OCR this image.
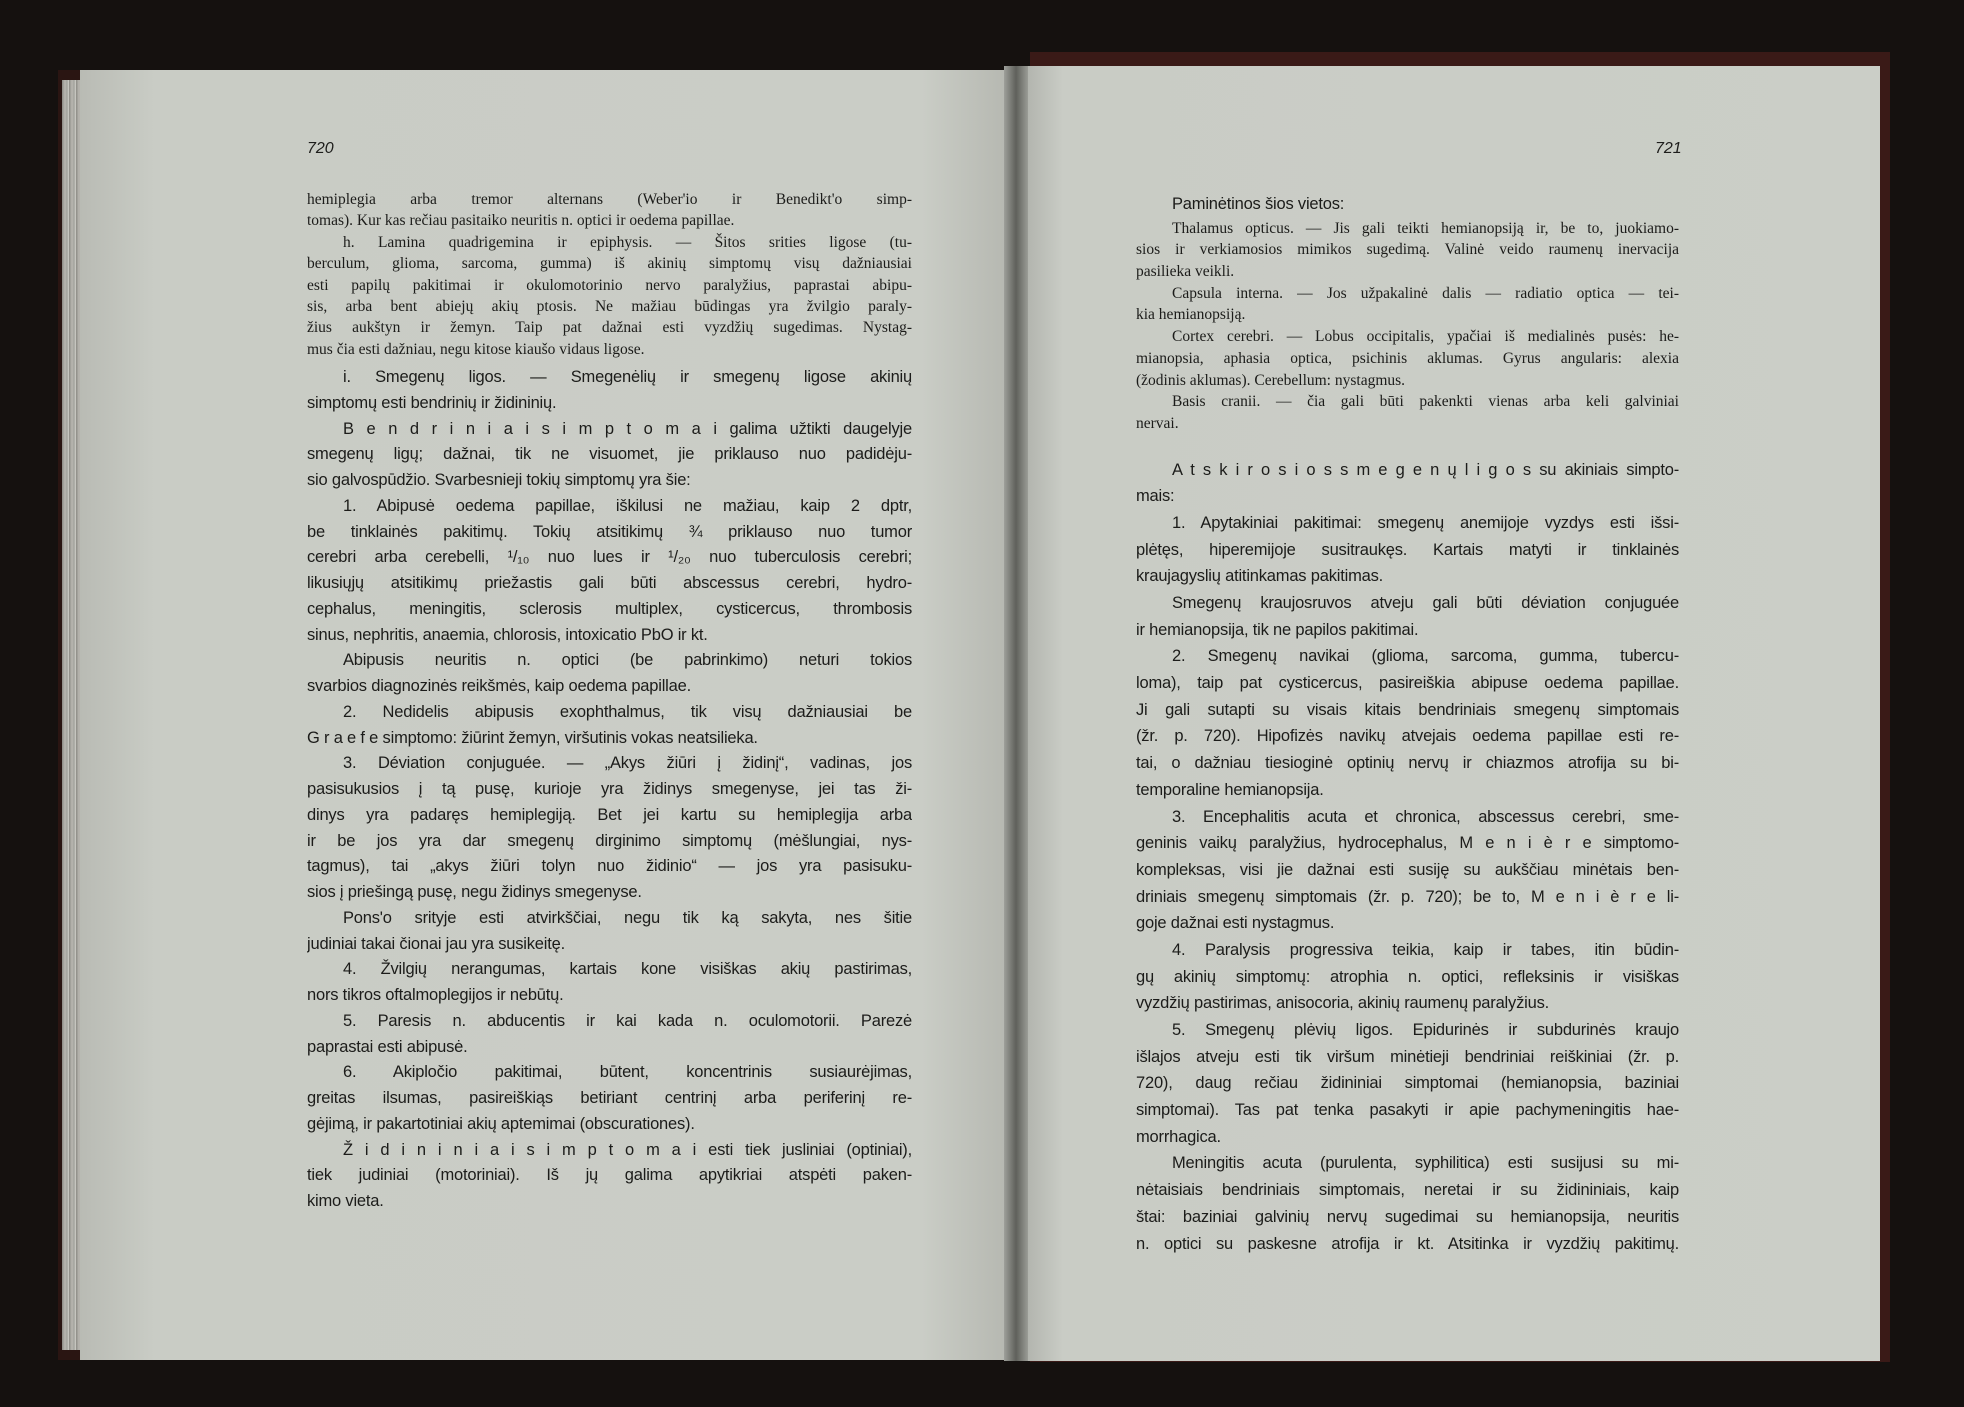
720	721
hemiplegia arba tremor alternans (Weber'io ir Benedikt'o simp-
tomas). Kur kas rečiau pasitaiko neuritis n. optici ir oedema papillae.
h. Lamina quadrigemina ir epiphysis. — Šitos srities ligose (tu-
berculum, glioma, sarcoma, gumma) iš akinių simptomų visų dažniausiai
esti papilų pakitimai ir okulomotorinio nervo paralyžius, paprastai abipu-
sis, arba bent abiejų akių ptosis. Ne mažiau būdingas yra žvilgio paraly-
žius aukštyn ir žemyn. Taip pat dažnai esti vyzdžių sugedimas. Nystag-
mus čia esti dažniau, negu kitose kiaušo vidaus ligose.
i. Smegenų ligos. — Smegenėlių ir smegenų ligose akinių
simptomų esti bendrinių ir židininių.
B e n d r i n i a i s i m p t o m a i galima užtikti daugelyje
smegenų ligų; dažnai, tik ne visuomet, jie priklauso nuo padidėju-
sio galvospūdžio. Svarbesnieji tokių simptomų yra šie:
1. Abipusė oedema papillae, iškilusi ne mažiau, kaip 2 dptr,
be tinklainės pakitimų. Tokių atsitikimų ¾ priklauso nuo tumor
cerebri arba cerebelli, ¹/₁₀ nuo lues ir ¹/₂₀ nuo tuberculosis cerebri;
likusiųjų atsitikimų priežastis gali būti abscessus cerebri, hydro-
cephalus, meningitis, sclerosis multiplex, cysticercus, thrombosis
sinus, nephritis, anaemia, chlorosis, intoxicatio PbO ir kt.
Abipusis neuritis n. optici (be pabrinkimo) neturi tokios
svarbios diagnozinės reikšmės, kaip oedema papillae.
2. Nedidelis abipusis exophthalmus, tik visų dažniausiai be
G r a e f e simptomo: žiūrint žemyn, viršutinis vokas neatsilieka.
3. Déviation conjuguée. — „Akys žiūri į židinį“, vadinas, jos
pasisukusios į tą pusę, kurioje yra židinys smegenyse, jei tas ži-
dinys yra padaręs hemiplegiją. Bet jei kartu su hemiplegija arba
ir be jos yra dar smegenų dirginimo simptomų (mėšlungiai, nys-
tagmus), tai „akys žiūri tolyn nuo židinio“ — jos yra pasisuku-
sios į priešingą pusę, negu židinys smegenyse.
Pons'o srityje esti atvirkščiai, negu tik ką sakyta, nes šitie
judiniai takai čionai jau yra susikeitę.
4. Žvilgių nerangumas, kartais kone visiškas akių pastirimas,
nors tikros oftalmoplegijos ir nebūtų.
5. Paresis n. abducentis ir kai kada n. oculomotorii. Parezė
paprastai esti abipusė.
6. Akipločio pakitimai, būtent, koncentrinis susiaurėjimas,
greitas ilsumas, pasireiškiąs betiriant centrinį arba periferinį re-
gėjimą, ir pakartotiniai akių aptemimai (obscurationes).
Ž i d i n i n i a i s i m p t o m a i esti tiek jusliniai (optiniai),
tiek judiniai (motoriniai). Iš jų galima apytikriai atspėti paken-
kimo vieta.
Paminėtinos šios vietos:
Thalamus opticus. — Jis gali teikti hemianopsiją ir, be to, juokiamo-
sios ir verkiamosios mimikos sugedimą. Valinė veido raumenų inervacija
pasilieka veikli.
Capsula interna. — Jos užpakalinė dalis — radiatio optica — tei-
kia hemianopsiją.
Cortex cerebri. — Lobus occipitalis, ypačiai iš medialinės pusės: he-
mianopsia, aphasia optica, psichinis aklumas. Gyrus angularis: alexia
(žodinis aklumas). Cerebellum: nystagmus.
Basis cranii. — čia gali būti pakenkti vienas arba keli galviniai
nervai.
A t s k i r o s i o s s m e g e n ų l i g o s su akiniais simpto-
mais:
1. Apytakiniai pakitimai: smegenų anemijoje vyzdys esti išsi-
plėtęs, hiperemijoje susitraukęs. Kartais matyti ir tinklainės
kraujagyslių atitinkamas pakitimas.
Smegenų kraujosruvos atveju gali būti déviation conjuguée
ir hemianopsija, tik ne papilos pakitimai.
2. Smegenų navikai (glioma, sarcoma, gumma, tubercu-
loma), taip pat cysticercus, pasireiškia abipuse oedema papillae.
Ji gali sutapti su visais kitais bendriniais smegenų simptomais
(žr. p. 720). Hipofizės navikų atvejais oedema papillae esti re-
tai, o dažniau tiesioginė optinių nervų ir chiazmos atrofija su bi-
temporaline hemianopsija.
3. Encephalitis acuta et chronica, abscessus cerebri, sme-
geninis vaikų paralyžius, hydrocephalus, M e n i è r e simptomo-
kompleksas, visi jie dažnai esti susiję su aukščiau minėtais ben-
driniais smegenų simptomais (žr. p. 720); be to, M e n i è r e li-
goje dažnai esti nystagmus.
4. Paralysis progressiva teikia, kaip ir tabes, itin būdin-
gų akinių simptomų: atrophia n. optici, refleksinis ir visiškas
vyzdžių pastirimas, anisocoria, akinių raumenų paralyžius.
5. Smegenų plėvių ligos. Epidurinės ir subdurinės kraujo
išlajos atveju esti tik viršum minėtieji bendriniai reiškiniai (žr. p.
720), daug rečiau židininiai simptomai (hemianopsia, baziniai
simptomai). Tas pat tenka pasakyti ir apie pachymeningitis hae-
morrhagica.
Meningitis acuta (purulenta, syphilitica) esti susijusi su mi-
nėtaisiais bendriniais simptomais, neretai ir su židininiais, kaip
štai: baziniai galvinių nervų sugedimai su hemianopsija, neuritis
n. optici su paskesne atrofija ir kt. Atsitinka ir vyzdžių pakitimų.
